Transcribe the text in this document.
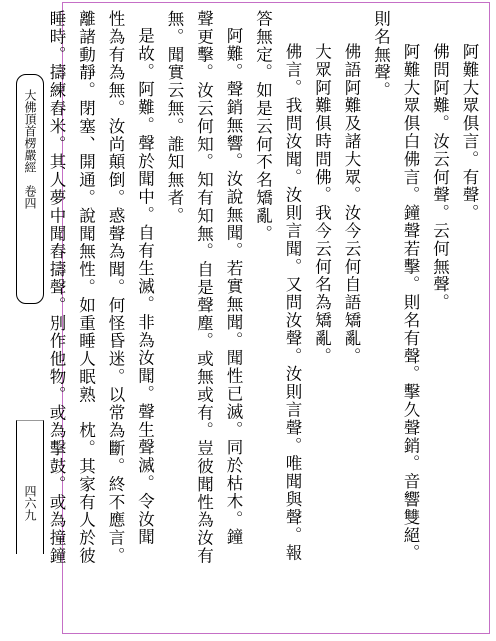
大佛頂首楞嚴經　卷四
四六九
阿難大眾俱言。有聲。
佛問阿難。汝云何聲。云何無聲。
阿難大眾俱白佛言。鐘聲若擊。則名有聲。擊久聲銷。音響雙絕。
則名無聲。
佛語阿難及諸大眾。汝今云何自語矯亂。
大眾阿難俱時問佛。我今云何名為矯亂。
佛言。我問汝聞。汝則言聞。又問汝聲。汝則言聲。唯聞與聲。報
答無定。如是云何不名矯亂。
阿難。聲銷無響。汝說無聞。若實無聞。聞性已滅。同於枯木。鐘
聲更擊。汝云何知。知有知無。自是聲塵。或無或有。豈彼聞性為汝有
無。聞實云無。誰知無者。
是故。阿難。聲於聞中。自有生滅。非為汝聞。聲生聲滅。令汝聞
性為有為無。汝尚顛倒。惑聲為聞。何怪昏迷。以常為斷。終不應言。
離諸動靜。閉塞、開通。說聞無性。如重睡人眠熟　枕。其家有人於彼
睡時。擣練舂米。其人夢中聞舂擣聲。別作他物。或為擊鼓。或為撞鐘
